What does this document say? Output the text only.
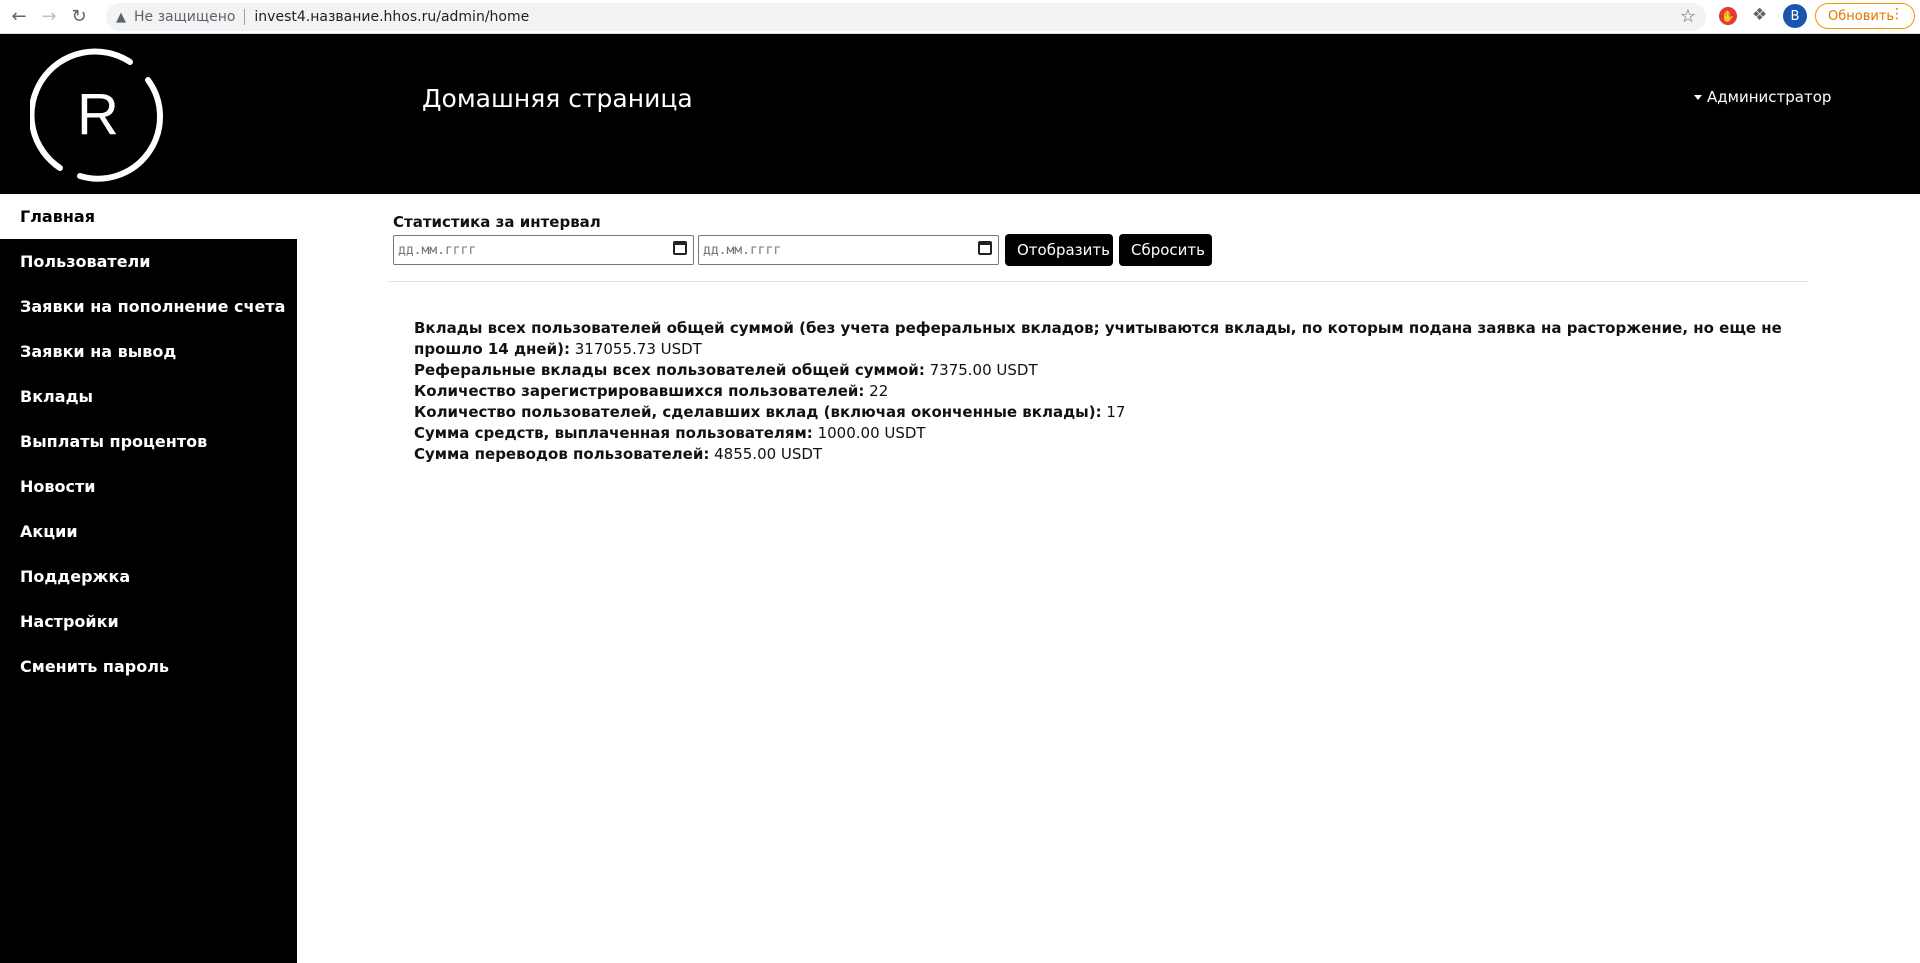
← → ↻ ▲ Не защищено invest4.название.hhos.ru/admin/home	☆ ✋ ❖	B	Обновить
⋮
R	Домашняя страница	Администратор
Главная
Пользователи
Заявки на пополнение счета
Заявки на вывод
Вклады
Выплаты процентов
Новости
Акции
Поддержка
Настройки
Сменить пароль
Статистика за интервал
дд.мм.гггг
дд.мм.гггг
Отобразить	Сбросить

Вклады всех пользователей общей суммой (без учета реферальных вкладов; учитываются вклады, по которым подана заявка на расторжение, но еще не прошло 14 дней): 317055.73 USDT

Реферальные вклады всех пользователей общей суммой: 7375.00 USDT

Количество зарегистрировавшихся пользователей: 22

Количество пользователей, сделавших вклад (включая оконченные вклады): 17

Сумма средств, выплаченная пользователям: 1000.00 USDT

Сумма переводов пользователей: 4855.00 USDT
